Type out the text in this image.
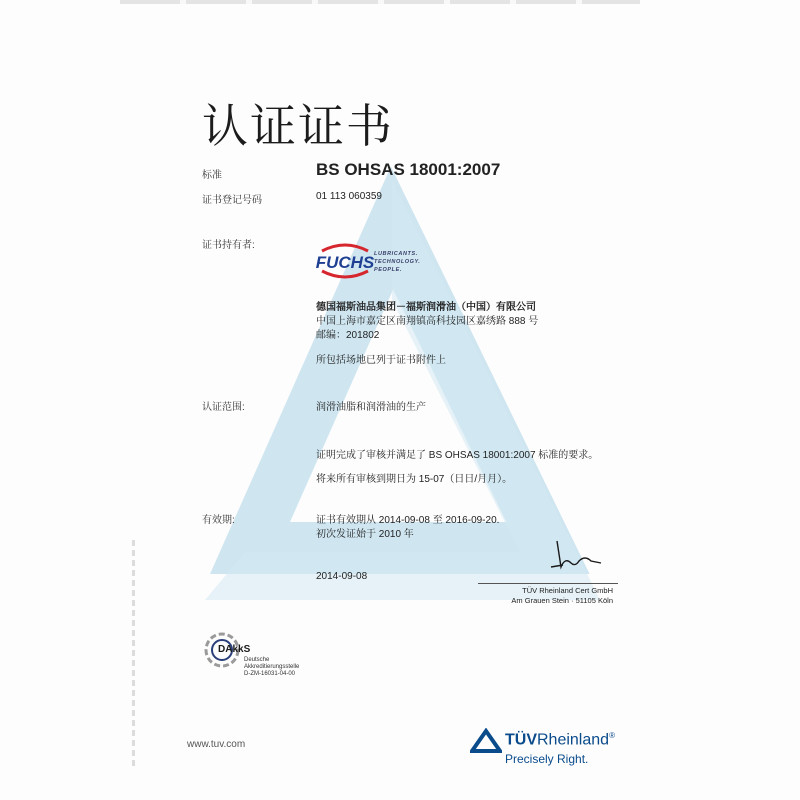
认证证书
标准	BS OHSAS 18001:2007
证书登记号码	01 113 060359
证书持有者:
FUCHS LUBRICANTS.
TECHNOLOGY.
PEOPLE.
德国福斯油品集团－福斯润滑油（中国）有限公司
中国上海市嘉定区南翔镇高科技园区嘉绣路 888 号
邮编：201802
所包括场地已列于证书附件上
认证范围:	润滑油脂和润滑油的生产
证明完成了审核并满足了 BS OHSAS 18001:2007 标准的要求。
将来所有审核到期日为 15-07（日日/月月）。
有效期:	证书有效期从 2014-09-08 至 2016-09-20.
初次发证始于 2010 年
2014-09-08
TÜV Rheinland Cert GmbH
Am Grauen Stein · 51105 Köln
DAkkS
Deutsche
Akkreditierungsstelle
D-ZM-16031-04-00
www.tuv.com	TÜVRheinland®
Precisely Right.
